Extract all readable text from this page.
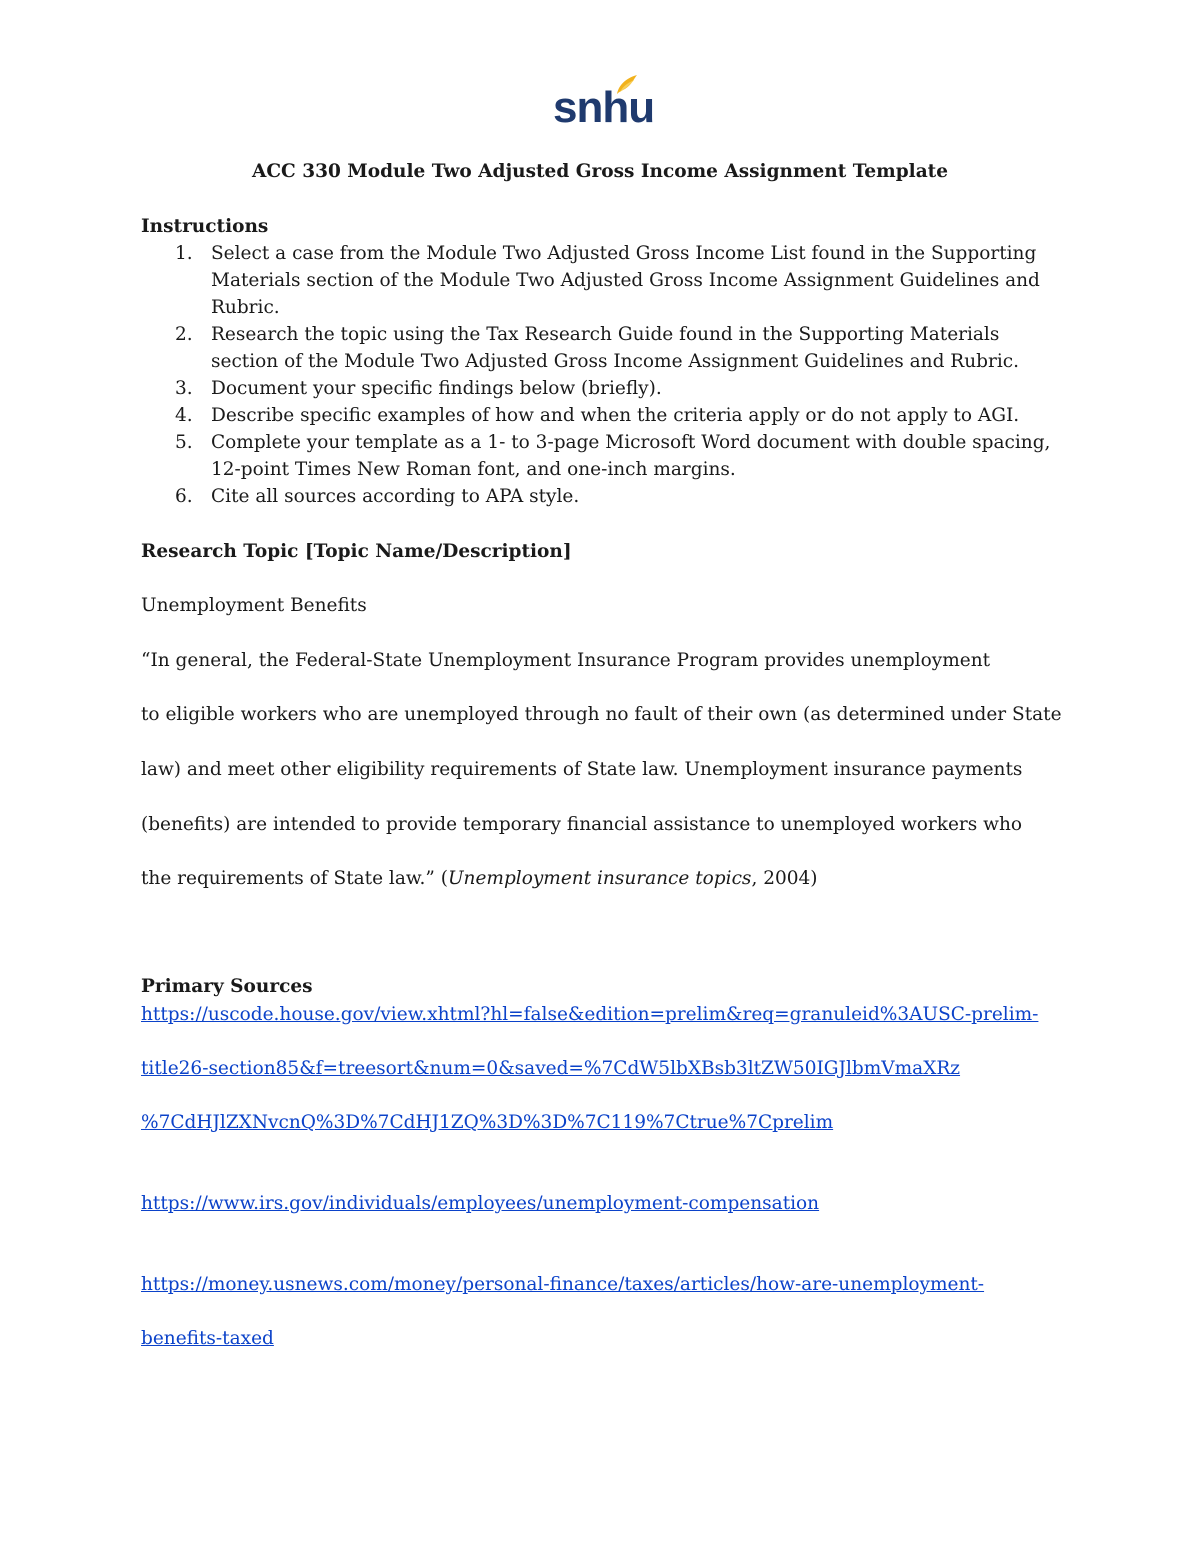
snhu
ACC 330 Module Two Adjusted Gross Income Assignment Template
Instructions
1. Select a case from the Module Two Adjusted Gross Income List found in the Supporting
Materials section of the Module Two Adjusted Gross Income Assignment Guidelines and
Rubric.
2. Research the topic using the Tax Research Guide found in the Supporting Materials
section of the Module Two Adjusted Gross Income Assignment Guidelines and Rubric.
3. Document your specific findings below (briefly).
4. Describe specific examples of how and when the criteria apply or do not apply to AGI.
5. Complete your template as a 1- to 3-page Microsoft Word document with double spacing,
12-point Times New Roman font, and one-inch margins.
6. Cite all sources according to APA style.
Research Topic [Topic Name/Description]
Unemployment Benefits
“In general, the Federal-State Unemployment Insurance Program provides unemployment
to eligible workers who are unemployed through no fault of their own (as determined under State
law) and meet other eligibility requirements of State law. Unemployment insurance payments
(benefits) are intended to provide temporary financial assistance to unemployed workers who
the requirements of State law.” (Unemployment insurance topics, 2004)
Primary Sources
https://uscode.house.gov/view.xhtml?hl=false&edition=prelim&req=granuleid%3AUSC-prelim-
title26-section85&f=treesort&num=0&saved=%7CdW5lbXBsb3ltZW50IGJlbmVmaXRz
%7CdHJlZXNvcnQ%3D%7CdHJ1ZQ%3D%3D%7C119%7Ctrue%7Cprelim
https://www.irs.gov/individuals/employees/unemployment-compensation
https://money.usnews.com/money/personal-finance/taxes/articles/how-are-unemployment-
benefits-taxed
